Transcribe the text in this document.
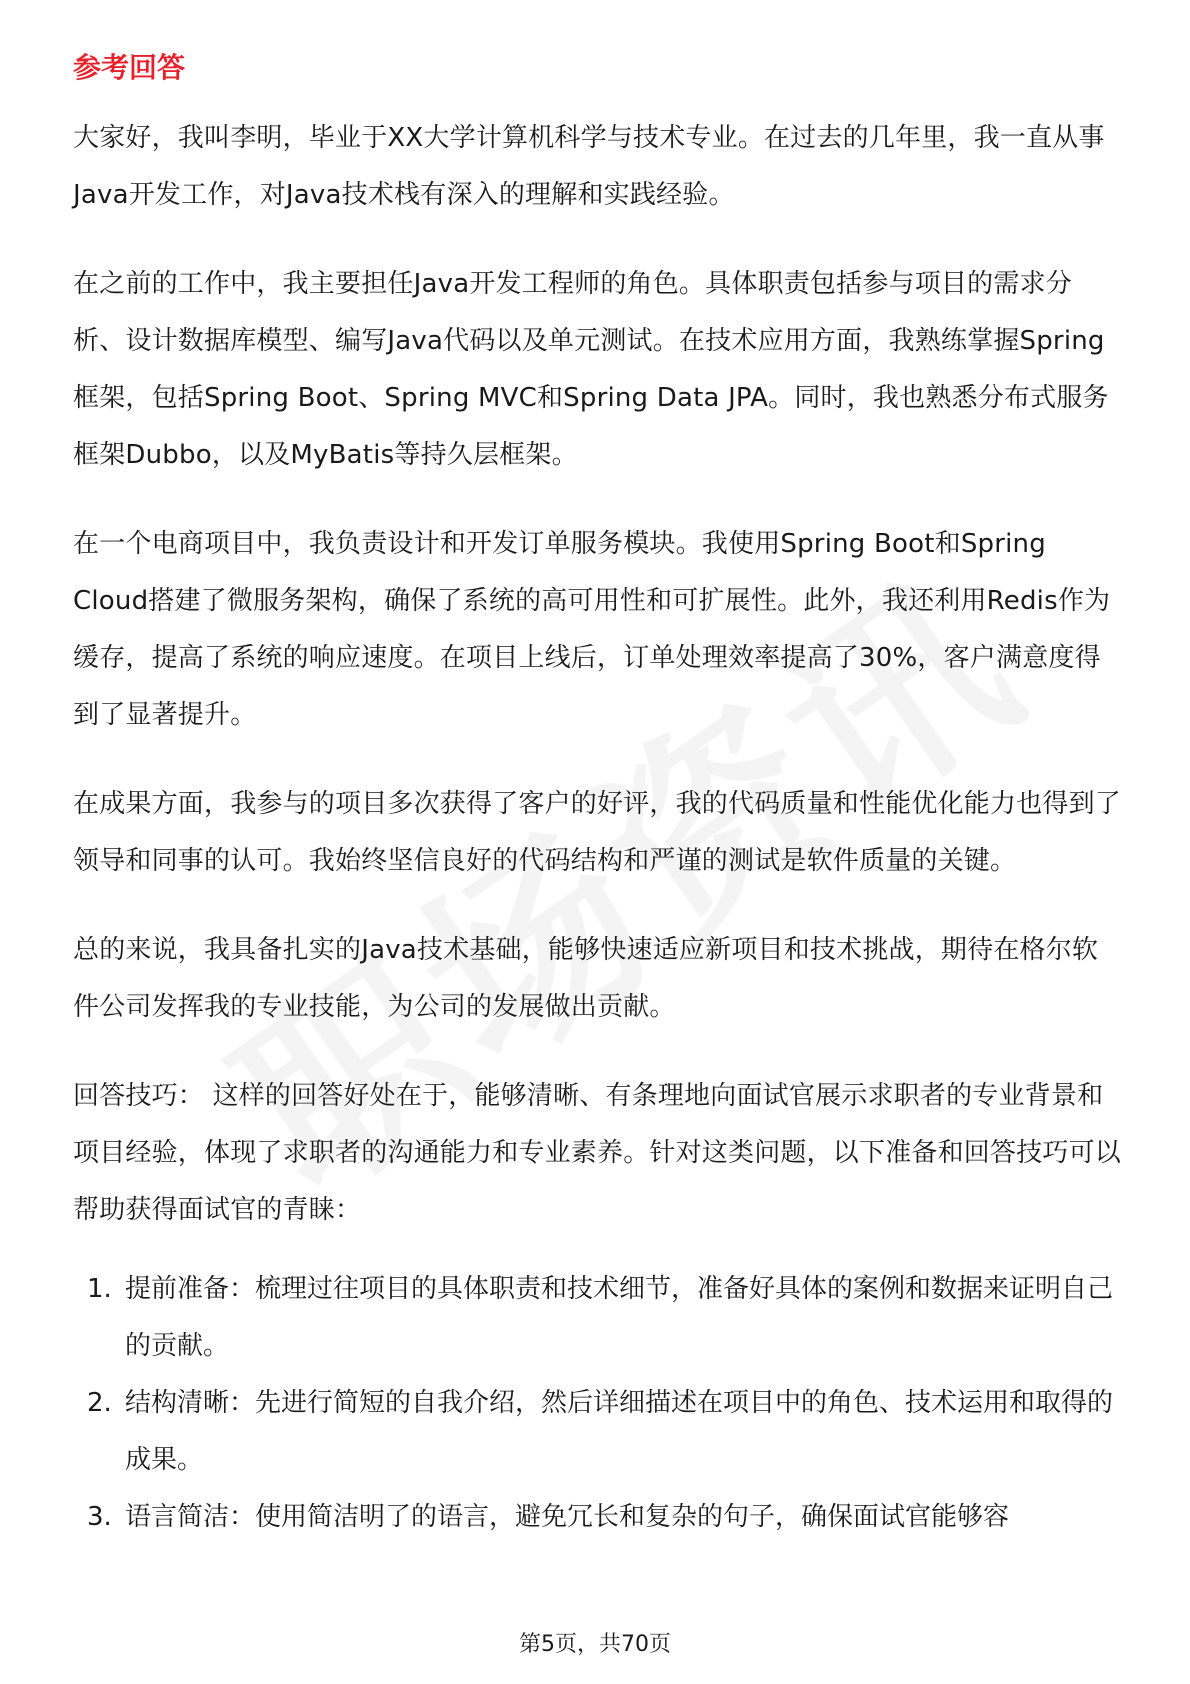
参考回答

大家好，我叫李明，毕业于XX大学计算机科学与技术专业。在过去的几年里，我一直从事Java开发工作，对Java技术栈有深入的理解和实践经验。

在之前的工作中，我主要担任Java开发工程师的角色。具体职责包括参与项目的需求分析、设计数据库模型、编写Java代码以及单元测试。在技术应用方面，我熟练掌握Spring框架，包括Spring Boot、Spring MVC和Spring Data JPA。同时，我也熟悉分布式服务框架Dubbo，以及MyBatis等持久层框架。

在一个电商项目中，我负责设计和开发订单服务模块。我使用Spring Boot和Spring Cloud搭建了微服务架构，确保了系统的高可用性和可扩展性。此外，我还利用Redis作为缓存，提高了系统的响应速度。在项目上线后，订单处理效率提高了30%，客户满意度得到了显著提升。

在成果方面，我参与的项目多次获得了客户的好评，我的代码质量和性能优化能力也得到了领导和同事的认可。我始终坚信良好的代码结构和严谨的测试是软件质量的关键。

总的来说，我具备扎实的Java技术基础，能够快速适应新项目和技术挑战，期待在格尔软件公司发挥我的专业技能，为公司的发展做出贡献。

回答技巧： 这样的回答好处在于，能够清晰、有条理地向面试官展示求职者的专业背景和项目经验，体现了求职者的沟通能力和专业素养。针对这类问题，以下准备和回答技巧可以帮助获得面试官的青睐：

1. 提前准备：梳理过往项目的具体职责和技术细节，准备好具体的案例和数据来证明自己的贡献。
2. 结构清晰：先进行简短的自我介绍，然后详细描述在项目中的角色、技术运用和取得的成果。
3. 语言简洁：使用简洁明了的语言，避免冗长和复杂的句子，确保面试官能够容
第5页，共70页
